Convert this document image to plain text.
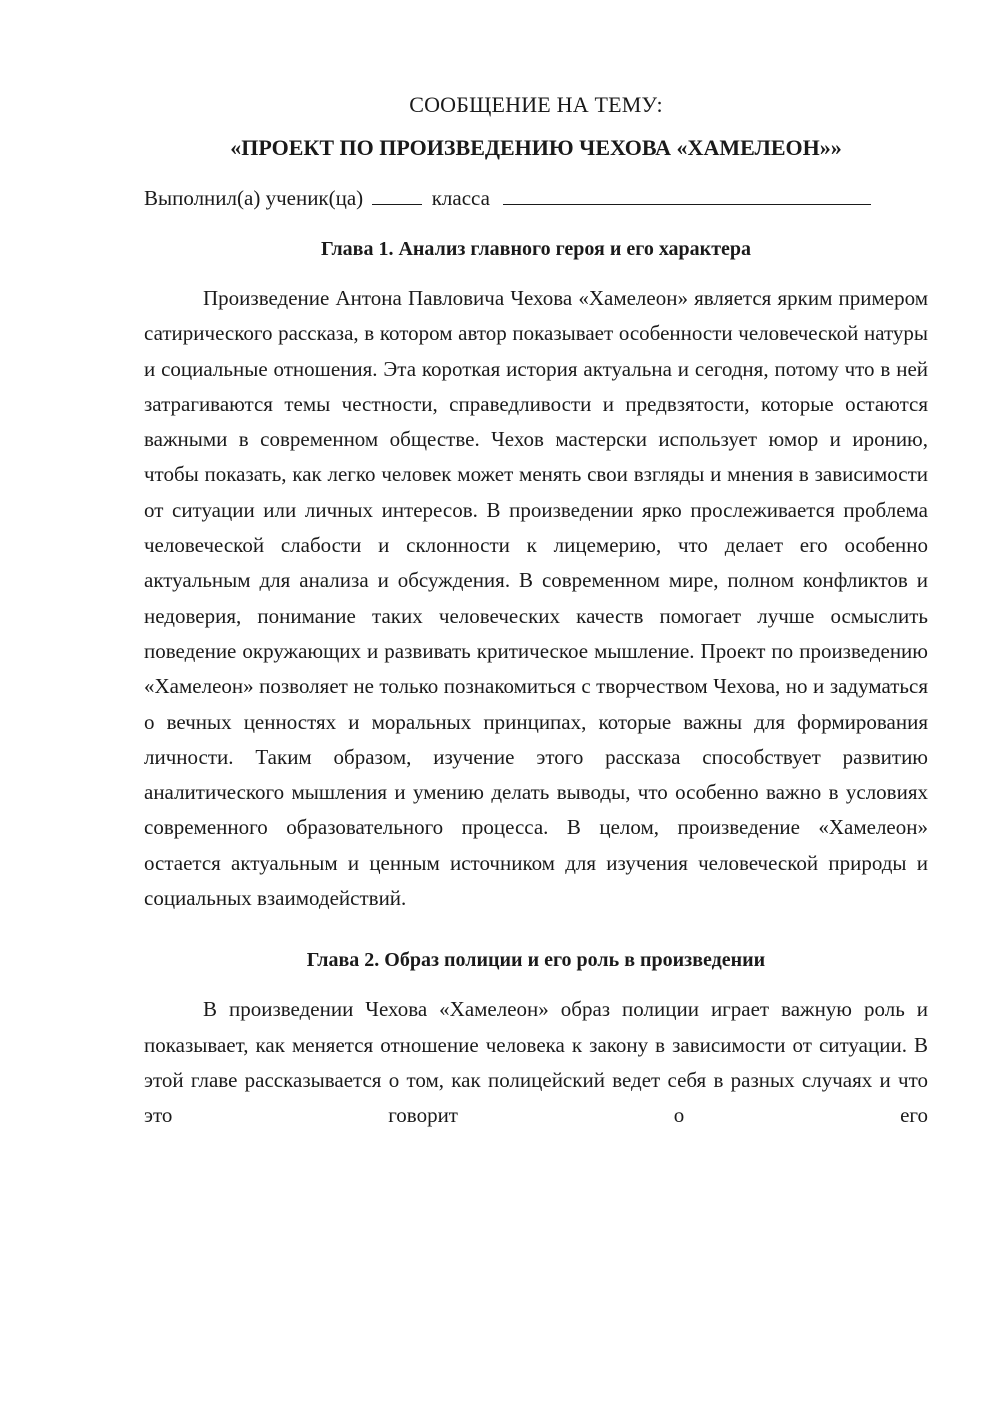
СООБЩЕНИЕ НА ТЕМУ:
«ПРОЕКТ ПО ПРОИЗВЕДЕНИЮ ЧЕХОВА «ХАМЕЛЕОН»»
Выполнил(а) ученик(ца)	класса
Глава 1. Анализ главного героя и его характера

Произведение Антона Павловича Чехова «Хамелеон» является ярким примером сатирического рассказа, в котором автор показывает особенности человеческой натуры и социальные отношения. Эта короткая история актуальна и сегодня, потому что в ней затрагиваются темы честности, справедливости и предвзятости, которые остаются важными в современном обществе. Чехов мастерски использует юмор и иронию, чтобы показать, как легко человек может менять свои взгляды и мнения в зависимости от ситуации или личных интересов. В произведении ярко прослеживается проблема человеческой слабости и склонности к лицемерию, что делает его особенно актуальным для анализа и обсуждения. В современном мире, полном конфликтов и недоверия, понимание таких человеческих качеств помогает лучше осмыслить поведение окружающих и развивать критическое мышление. Проект по произведению «Хамелеон» позволяет не только познакомиться с творчеством Чехова, но и задуматься о вечных ценностях и моральных принципах, которые важны для формирования личности. Таким образом, изучение этого рассказа способствует развитию аналитического мышления и умению делать выводы, что особенно важно в условиях современного образовательного процесса. В целом, произведение «Хамелеон» остается актуальным и ценным источником для изучения человеческой природы и социальных взаимодействий.

Глава 2. Образ полиции и его роль в произведении

В произведении Чехова «Хамелеон» образ полиции играет важную роль и показывает, как меняется отношение человека к закону в зависимости от ситуации. В этой главе рассказывается о том, как полицейский ведет себя в разных случаях и что это говорит о его
